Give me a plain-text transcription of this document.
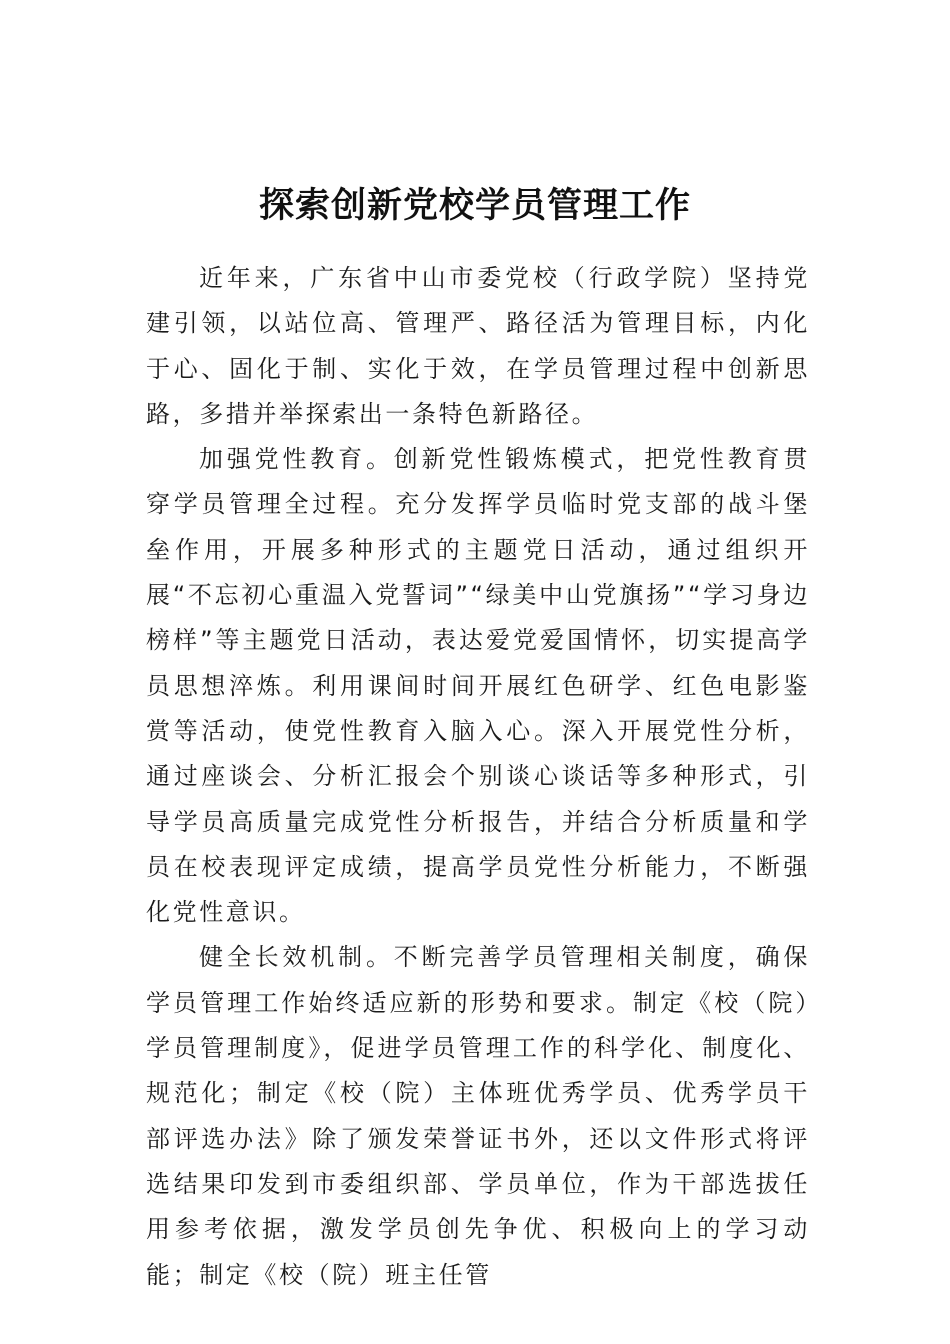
探索创新党校学员管理工作

近年来，广东省中山市委党校（行政学院）坚持党建引领，以站位高、管理严、路径活为管理目标，内化于心、固化于制、实化于效，在学员管理过程中创新思路，多措并举探索出一条特色新路径。

加强党性教育。创新党性锻炼模式，把党性教育贯穿学员管理全过程。充分发挥学员临时党支部的战斗堡垒作用，开展多种形式的主题党日活动，通过组织开展“不忘初心重温入党誓词”“绿美中山党旗扬”“学习身边榜样”等主题党日活动，表达爱党爱国情怀，切实提高学员思想淬炼。利用课间时间开展红色研学、红色电影鉴赏等活动，使党性教育入脑入心。深入开展党性分析，通过座谈会、分析汇报会个别谈心谈话等多种形式，引导学员高质量完成党性分析报告，并结合分析质量和学员在校表现评定成绩，提高学员党性分析能力，不断强化党性意识。

健全长效机制。不断完善学员管理相关制度，确保学员管理工作始终适应新的形势和要求。制定《校（院）学员管理制度》，促进学员管理工作的科学化、制度化、规范化；制定《校（院）主体班优秀学员、优秀学员干部评选办法》除了颁发荣誉证书外，还以文件形式将评选结果印发到市委组织部、学员单位，作为干部选拔任用参考依据，激发学员创先争优、积极向上的学习动能；制定《校（院）班主任管
